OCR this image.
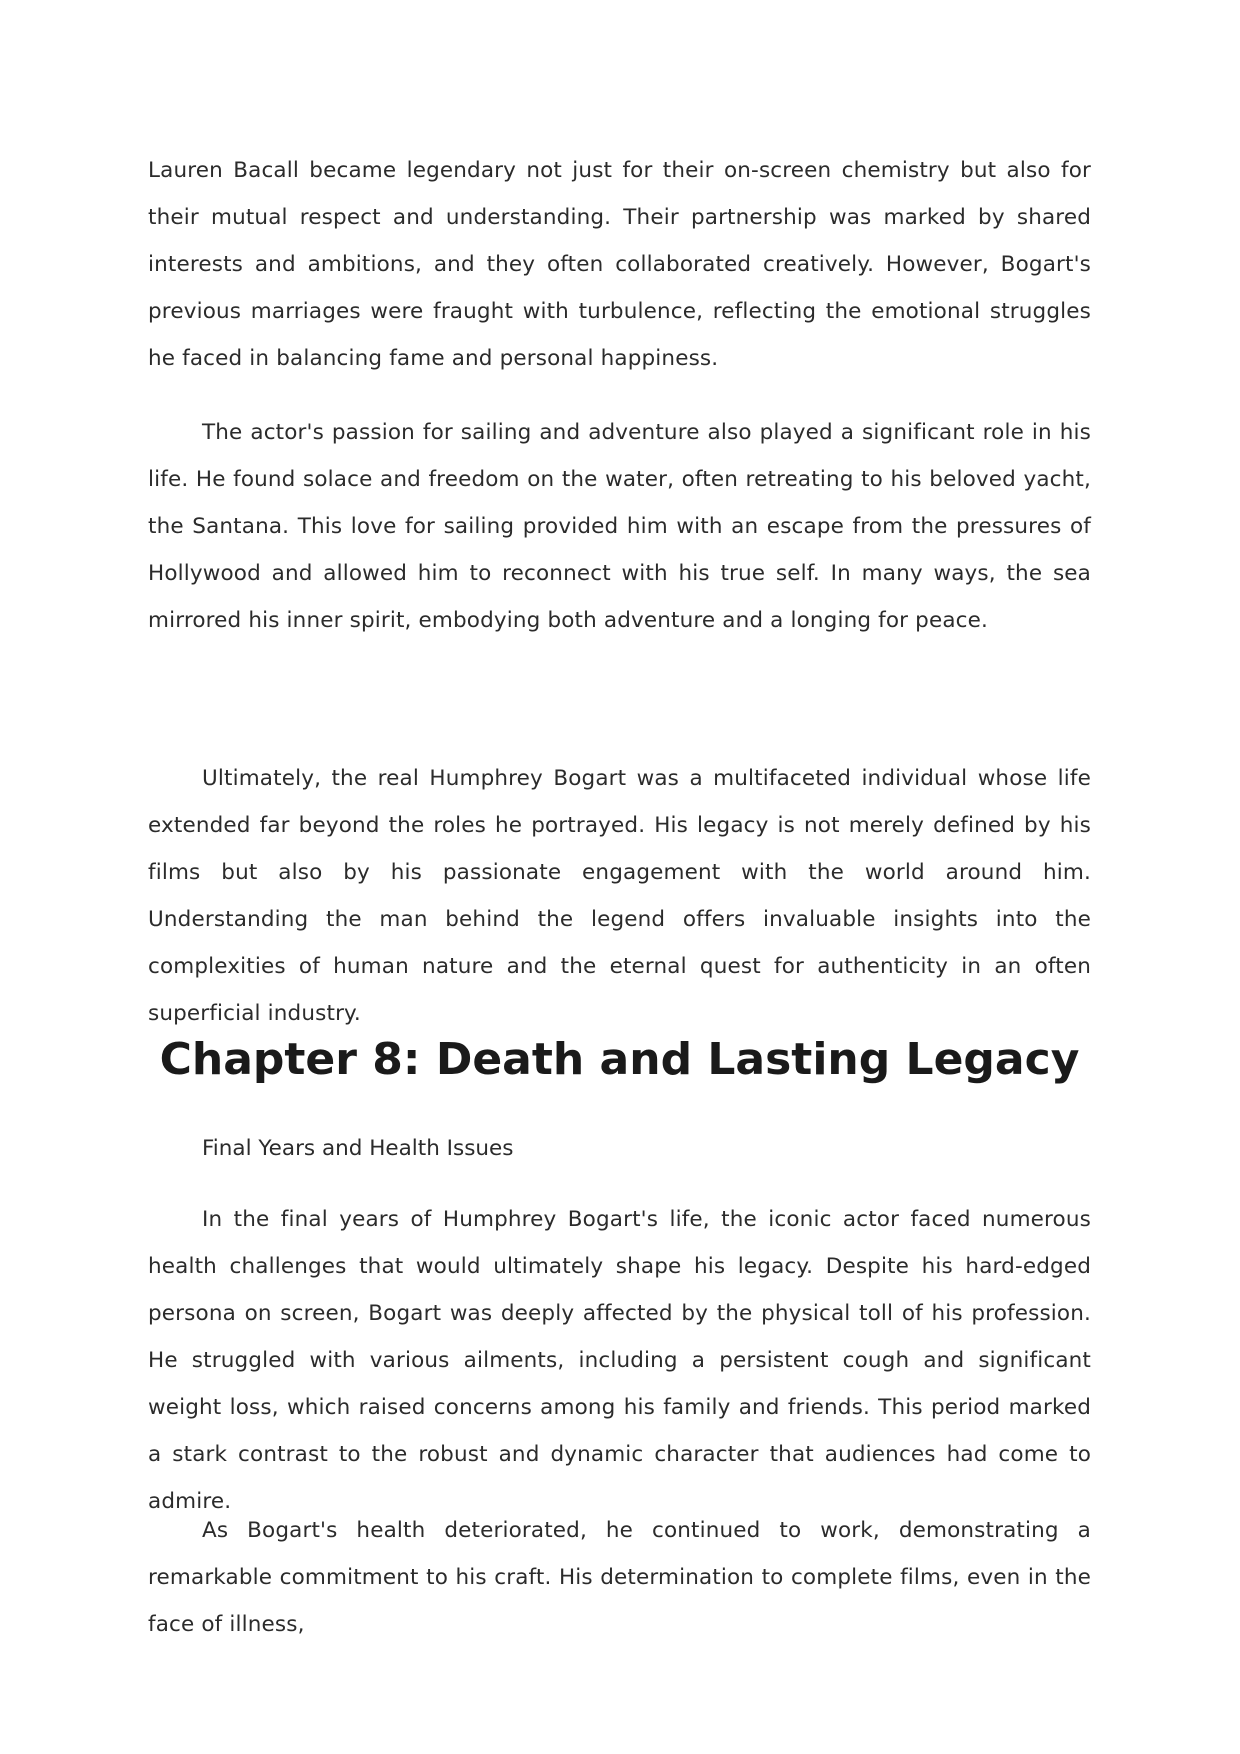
Lauren Bacall became legendary not just for their on-screen chemistry but also for their mutual respect and understanding. Their partnership was marked by shared interests and ambitions, and they often collaborated creatively. However, Bogart's previous marriages were fraught with turbulence, reflecting the emotional struggles he faced in balancing fame and personal happiness.

The actor's passion for sailing and adventure also played a significant role in his life. He found solace and freedom on the water, often retreating to his beloved yacht, the Santana. This love for sailing provided him with an escape from the pressures of Hollywood and allowed him to reconnect with his true self. In many ways, the sea mirrored his inner spirit, embodying both adventure and a longing for peace.

Ultimately, the real Humphrey Bogart was a multifaceted individual whose life extended far beyond the roles he portrayed. His legacy is not merely defined by his films but also by his passionate engagement with the world around him. Understanding the man behind the legend offers invaluable insights into the complexities of human nature and the eternal quest for authenticity in an often superficial industry.

Chapter 8: Death and Lasting Legacy

Final Years and Health Issues

In the final years of Humphrey Bogart's life, the iconic actor faced numerous health challenges that would ultimately shape his legacy. Despite his hard-edged persona on screen, Bogart was deeply affected by the physical toll of his profession. He struggled with various ailments, including a persistent cough and significant weight loss, which raised concerns among his family and friends. This period marked a stark contrast to the robust and dynamic character that audiences had come to admire.

As Bogart's health deteriorated, he continued to work, demonstrating a remarkable commitment to his craft. His determination to complete films, even in the face of illness,
